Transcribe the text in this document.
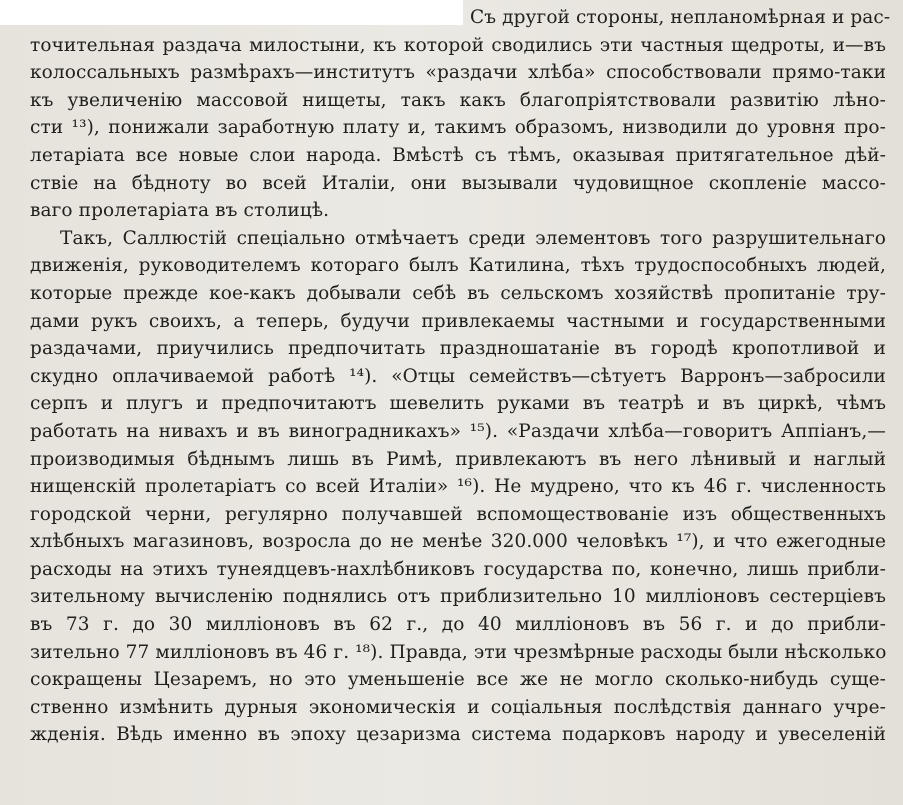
Съ другой стороны, непланомѣрная и рас-
точительная раздача милостыни, къ которой сводились эти частныя щедроты, и—въ
колоссальныхъ размѣрахъ—институтъ «раздачи хлѣба» способствовали прямо-таки
къ увеличенію массовой нищеты, такъ какъ благопріятствовали развитію лѣно-
сти ¹³), понижали заработную плату и, такимъ образомъ, низводили до уровня про-
летаріата все новые слои народа. Вмѣстѣ съ тѣмъ, оказывая притягательное дѣй-
ствіе на бѣдноту во всей Италіи, они вызывали чудовищное скопленіе массо-
ваго пролетаріата въ столицѣ.
Такъ, Саллюстій спеціально отмѣчаетъ среди элементовъ того разрушительнаго
движенія, руководителемъ котораго былъ Катилина, тѣхъ трудоспособныхъ людей,
которые прежде кое-какъ добывали себѣ въ сельскомъ хозяйствѣ пропитаніе тру-
дами рукъ своихъ, а теперь, будучи привлекаемы частными и государственными
раздачами, приучились предпочитать праздношатаніе въ городѣ кропотливой и
скудно оплачиваемой работѣ ¹⁴). «Отцы семействъ—сѣтуетъ Варронъ—забросили
серпъ и плугъ и предпочитаютъ шевелить руками въ театрѣ и въ циркѣ, чѣмъ
работать на нивахъ и въ виноградникахъ» ¹⁵). «Раздачи хлѣба—говоритъ Аппіанъ,—
производимыя бѣднымъ лишь въ Римѣ, привлекаютъ въ него лѣнивый и наглый
нищенскій пролетаріатъ со всей Италіи» ¹⁶). Не мудрено, что къ 46 г. численность
городской черни, регулярно получавшей вспомоществованіе изъ общественныхъ
хлѣбныхъ магазиновъ, возросла до не менѣе 320.000 человѣкъ ¹⁷), и что ежегодные
расходы на этихъ тунеядцевъ-нахлѣбниковъ государства по, конечно, лишь прибли-
зительному вычисленію поднялись отъ приблизительно 10 милліоновъ сестерціевъ
въ 73 г. до 30 милліоновъ въ 62 г., до 40 милліоновъ въ 56 г. и до прибли-
зительно 77 милліоновъ въ 46 г. ¹⁸). Правда, эти чрезмѣрные расходы были нѣсколько
сокращены Цезаремъ, но это уменьшеніе все же не могло сколько-нибудь суще-
ственно измѣнить дурныя экономическія и соціальныя послѣдствія даннаго учре-
жденія. Вѣдь именно въ эпоху цезаризма система подарковъ народу и увеселеній
